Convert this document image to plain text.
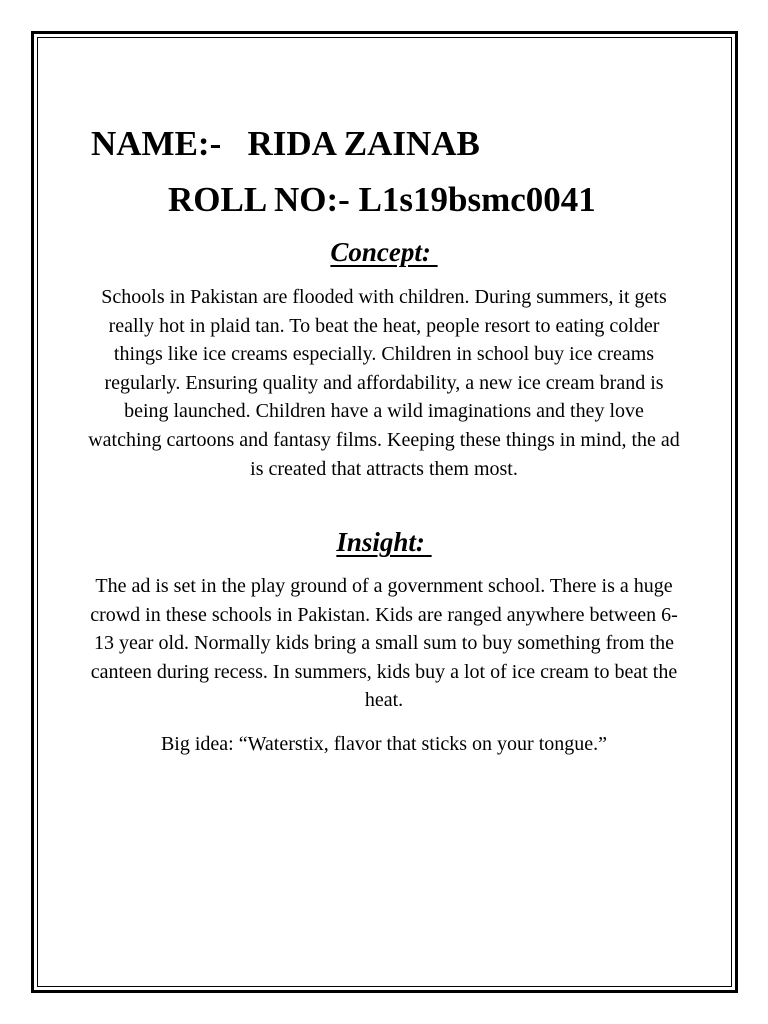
NAME:-   RIDA ZAINAB
ROLL NO:- L1s19bsmc0041
Concept:
Schools in Pakistan are flooded with children. During summers, it gets really hot in plaid tan. To beat the heat, people resort to eating colder things like ice creams especially. Children in school buy ice creams regularly. Ensuring quality and affordability, a new ice cream brand is being launched. Children have a wild imaginations and they love watching cartoons and fantasy films. Keeping these things in mind, the ad is created that attracts them most.
Insight:
The ad is set in the play ground of a government school. There is a huge crowd in these schools in Pakistan. Kids are ranged anywhere between 6-13 year old. Normally kids bring a small sum to buy something from the canteen during recess. In summers, kids buy a lot of ice cream to beat the heat.
Big idea: “Waterstix, flavor that sticks on your tongue.”
